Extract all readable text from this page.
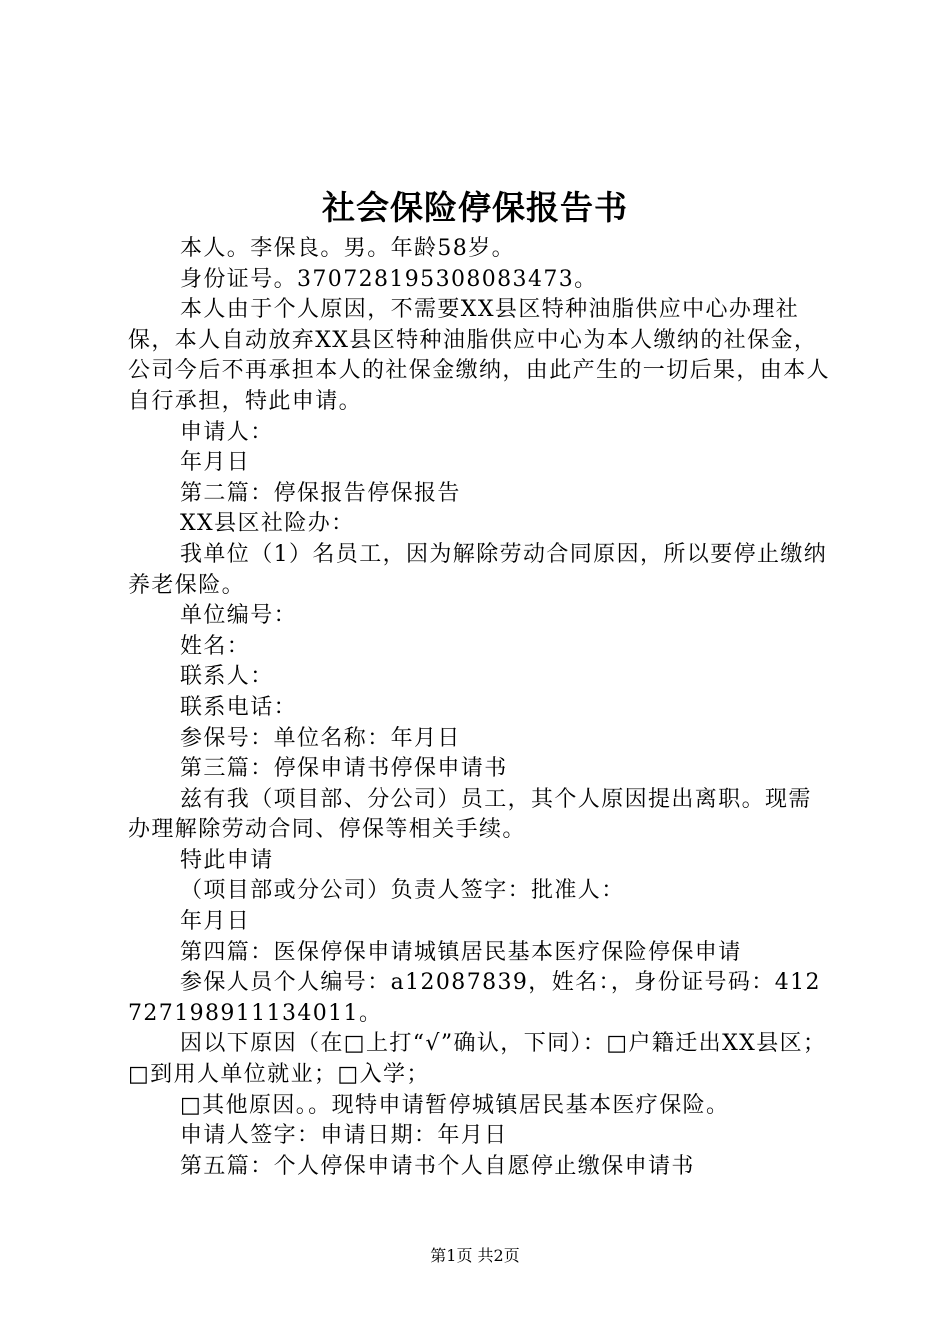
社会保险停保报告书

本人。李保良。男。年龄58岁。

身份证号。370728195308083473。

本人由于个人原因，不需要XX县区特种油脂供应中心办理社保，本人自动放弃XX县区特种油脂供应中心为本人缴纳的社保金，公司今后不再承担本人的社保金缴纳，由此产生的一切后果，由本人自行承担，特此申请。

申请人：

年月日

第二篇：停保报告停保报告

XX县区社险办：

我单位（1）名员工，因为解除劳动合同原因，所以要停止缴纳养老保险。

单位编号：

姓名：

联系人：

联系电话：

参保号：单位名称：年月日

第三篇：停保申请书停保申请书

兹有我（项目部、分公司）员工，其个人原因提出离职。现需办理解除劳动合同、停保等相关手续。

特此申请

（项目部或分公司）负责人签字：批准人：

年月日

第四篇：医保停保申请城镇居民基本医疗保险停保申请

参保人员个人编号：a12087839，姓名：，身份证号码：412727198911134011。

因以下原因（在□上打“√”确认，下同）：□户籍迁出XX县区；□到用人单位就业；□入学；

□其他原因。。现特申请暂停城镇居民基本医疗保险。

申请人签字：申请日期：年月日

第五篇：个人停保申请书个人自愿停止缴保申请书

第1页 共2页
